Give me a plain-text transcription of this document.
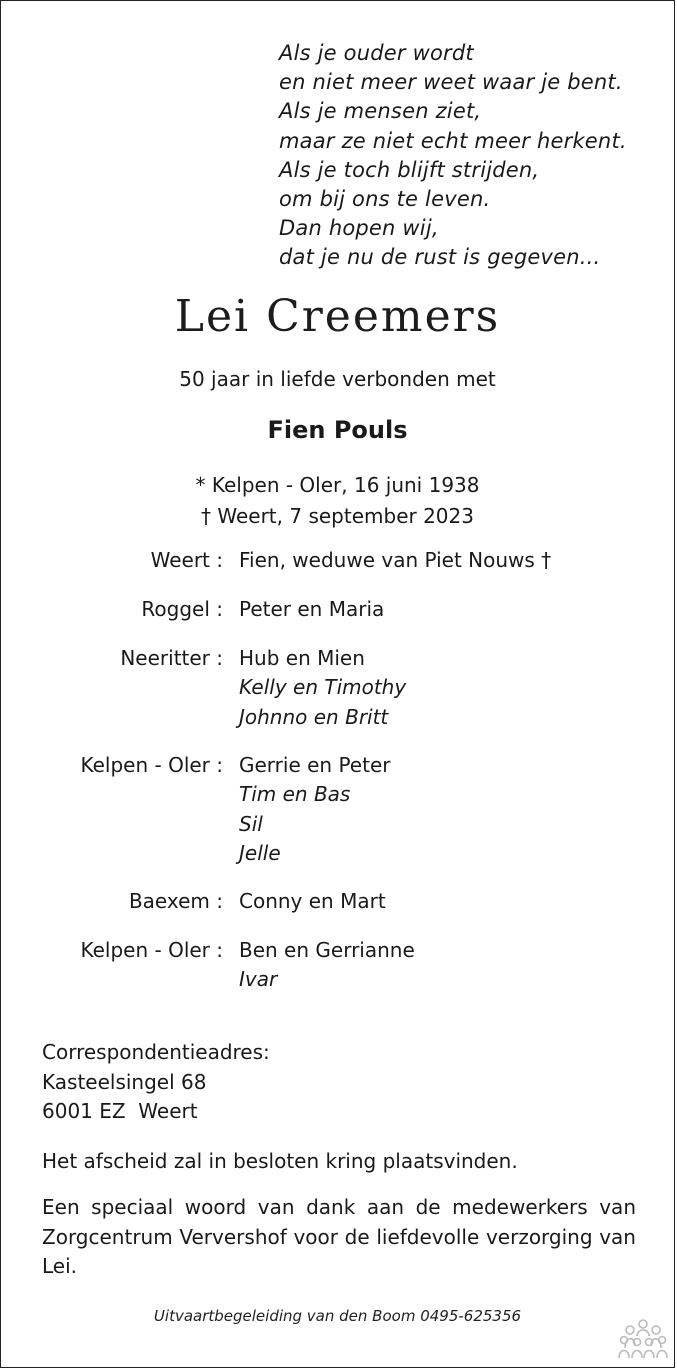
Als je ouder wordt
en niet meer weet waar je bent.
Als je mensen ziet,
maar ze niet echt meer herkent.
Als je toch blijft strijden,
om bij ons te leven.
Dan hopen wij,
dat je nu de rust is gegeven...
Lei Creemers
50 jaar in liefde verbonden met
Fien Pouls
* Kelpen - Oler, 16 juni 1938
† Weert, 7 september 2023
Weert : Fien, weduwe van Piet Nouws †
Roggel : Peter en Maria
Neeritter : Hub en Mien
Kelly en Timothy
Johnno en Britt
Kelpen - Oler : Gerrie en Peter
Tim en Bas
Sil
Jelle
Baexem : Conny en Mart
Kelpen - Oler : Ben en Gerrianne
Ivar
Correspondentieadres:
Kasteelsingel 68
6001 EZ  Weert
Het afscheid zal in besloten kring plaatsvinden.
Een speciaal woord van dank aan de medewerkers van Zorgcentrum Ververshof voor de liefdevolle verzorging van Lei.
Uitvaartbegeleiding van den Boom 0495-625356
